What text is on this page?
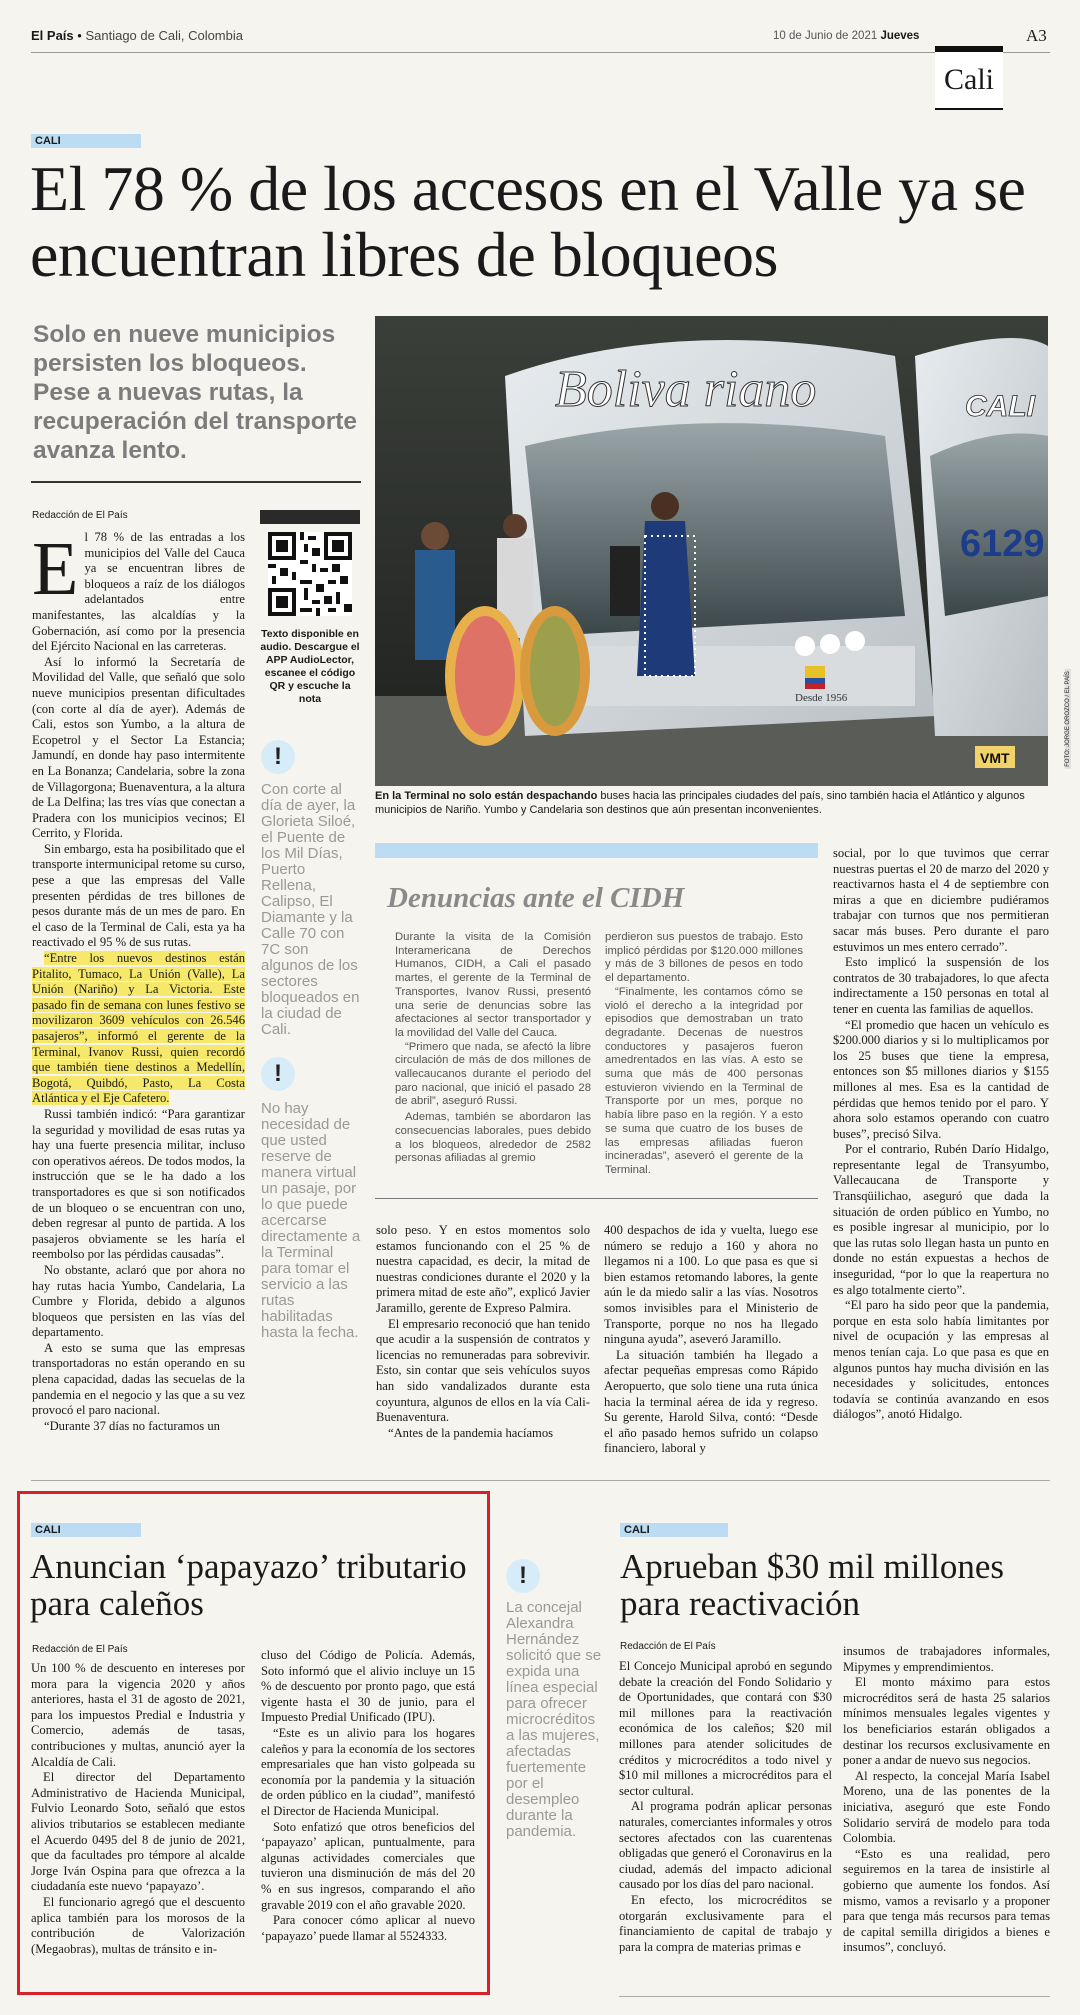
El País • Santiago de Cali, Colombia	10 de Junio de 2021 Jueves	A3
Cali
CALI
El 78 % de los accesos en el Valle ya se encuentran libres de bloqueos
Solo en nueve municipios persisten los bloqueos. Pese a nuevas rutas, la recuperación del transporte avanza lento.
Redacción de El País
E l 78 % de las entradas a los municipios del Valle del Cauca ya se encuentran libres de bloqueos a raíz de los diálogos adelantados entre manifestantes, las alcaldías y la Gobernación, así como por la presencia del Ejército Nacional en las carreteras.

Así lo informó la Secretaría de Movilidad del Valle, que señaló que solo nueve municipios presentan dificultades (con corte al día de ayer). Además de Cali, estos son Yumbo, a la altura de Ecopetrol y el Sector La Estancia; Jamundí, en donde hay paso intermitente en La Bonanza; Candelaria, sobre la zona de Villagorgona; Buenaventura, a la altura de La Delfina; las tres vías que conectan a Pradera con los municipios vecinos; El Cerrito, y Florida.

Sin embargo, esta ha posibilitado que el transporte intermunicipal retome su curso, pese a que las empresas del Valle presenten pérdidas de tres billones de pesos durante más de un mes de paro. En el caso de la Terminal de Cali, esta ya ha reactivado el 95 % de sus rutas.

“Entre los nuevos destinos están Pitalito, Tumaco, La Unión (Valle), La Unión (Nariño) y La Victoria. Este pasado fin de semana con lunes festivo se movilizaron 3609 vehículos con 26.546 pasajeros”, informó el gerente de la Terminal, Ivanov Russi, quien recordó que también tiene destinos a Medellín, Bogotá, Quibdó, Pasto, La Costa Atlántica y el Eje Cafetero.

Russi también indicó: “Para garantizar la seguridad y movilidad de esas rutas ya hay una fuerte presencia militar, incluso con operativos aéreos. De todos modos, la instrucción que se le ha dado a los transportadores es que si son notificados de un bloqueo o se encuentran con uno, deben regresar al punto de partida. A los pasajeros obviamente se les haría el reembolso por las pérdidas causadas”.

No obstante, aclaró que por ahora no hay rutas hacia Yumbo, Candelaria, La Cumbre y Florida, debido a algunos bloqueos que persisten en las vías del departamento.

A esto se suma que las empresas transportadoras no están operando en su plena capacidad, dadas las secuelas de la pandemia en el negocio y las que a su vez provocó el paro nacional.

“Durante 37 días no facturamos un

Texto disponible en audio. Descargue el APP AudioLector, escanee el código QR y escuche la nota
!
Con corte al día de ayer, la Glorieta Siloé, el Puente de los Mil Días, Puerto Rellena, Calipso, El Diamante y la Calle 70 con 7C son algunos de los sectores bloqueados en la ciudad de Cali.
!
No hay necesidad de que usted reserve de manera virtual un pasaje, por lo que puede acercarse directamente a la Terminal para tomar el servicio a las rutas habilitadas hasta la fecha.
Boliva riano
6129
CALI
Desde 1956
VMT	FOTO: JORGE OROZCO / EL PAÍS
En la Terminal no solo están despachando buses hacia las principales ciudades del país, sino también hacia el Atlántico y algunos municipios de Nariño. Yumbo y Candelaria son destinos que aún presentan inconvenientes.
Denuncias ante el CIDH
Durante la visita de la Comisión Interamericana de Derechos Humanos, CIDH, a Cali el pasado martes, el gerente de la Terminal de Transportes, Ivanov Russi, presentó una serie de denuncias sobre las afectaciones al sector transportador y la movilidad del Valle del Cauca.
“Primero que nada, se afectó la libre circulación de más de dos millones de vallecaucanos durante el periodo del paro nacional, que inició el pasado 28 de abril”, aseguró Russi.
Ademas, también se abordaron las consecuencias laborales, pues debido a los bloqueos, alrededor de 2582 personas afiliadas al gremio
perdieron sus puestos de trabajo. Esto implicó pérdidas por $120.000 millones y más de 3 billones de pesos en todo el departamento.
“Finalmente, les contamos cómo se violó el derecho a la integridad por episodios que demostraban un trato degradante. Decenas de nuestros conductores y pasajeros fueron amedrentados en las vías. A esto se suma que más de 400 personas estuvieron viviendo en la Terminal de Transporte por un mes, porque no había libre paso en la región. Y a esto se suma que cuatro de los buses de las empresas afiliadas fueron incineradas”, aseveró el gerente de la Terminal.

solo peso. Y en estos momentos solo estamos funcionando con el 25 % de nuestra capacidad, es decir, la mitad de nuestras condiciones durante el 2020 y la primera mitad de este año”, explicó Javier Jaramillo, gerente de Expreso Palmira.

El empresario reconoció que han tenido que acudir a la suspensión de contratos y licencias no remuneradas para sobrevivir. Esto, sin contar que seis vehículos suyos han sido vandalizados durante esta coyuntura, algunos de ellos en la vía Cali-Buenaventura.

“Antes de la pandemia hacíamos

400 despachos de ida y vuelta, luego ese número se redujo a 160 y ahora no llegamos ni a 100. Lo que pasa es que si bien estamos retomando labores, la gente aún le da miedo salir a las vías. Nosotros somos invisibles para el Ministerio de Transporte, porque no nos ha llegado ninguna ayuda”, aseveró Jaramillo.

La situación también ha llegado a afectar pequeñas empresas como Rápido Aeropuerto, que solo tiene una ruta única hacia la terminal aérea de ida y regreso. Su gerente, Harold Silva, contó: “Desde el año pasado hemos sufrido un colapso financiero, laboral y

social, por lo que tuvimos que cerrar nuestras puertas el 20 de marzo del 2020 y reactivarnos hasta el 4 de septiembre con miras a que en diciembre pudiéramos trabajar con turnos que nos permitieran sacar más buses. Pero durante el paro estuvimos un mes entero cerrado”.

Esto implicó la suspensión de los contratos de 30 trabajadores, lo que afecta indirectamente a 150 personas en total al tener en cuenta las familias de aquellos.

“El promedio que hacen un vehículo es $200.000 diarios y si lo multiplicamos por los 25 buses que tiene la empresa, entonces son $5 millones diarios y $155 millones al mes. Esa es la cantidad de pérdidas que hemos tenido por el paro. Y ahora solo estamos operando con cuatro buses”, precisó Silva.

Por el contrario, Rubén Darío Hidalgo, representante legal de Transyumbo, Vallecaucana de Transporte y Transqüilichao, aseguró que dada la situación de orden público en Yumbo, no es posible ingresar al municipio, por lo que las rutas solo llegan hasta un punto en donde no están expuestas a hechos de inseguridad, “por lo que la reapertura no es algo totalmente cierto”.

“El paro ha sido peor que la pandemia, porque en esta solo había limitantes por nivel de ocupación y las empresas al menos tenían caja. Lo que pasa es que en algunos puntos hay mucha división en las necesidades y solicitudes, entonces todavía se continúa avanzando en esos diálogos”, anotó Hidalgo.

CALI
Anuncian ‘papayazo’ tributario para caleños
Redacción de El País

Un 100 % de descuento en intereses por mora para la vigencia 2020 y años anteriores, hasta el 31 de agosto de 2021, para los impuestos Predial e Industria y Comercio, además de tasas, contribuciones y multas, anunció ayer la Alcaldía de Cali.

El director del Departamento Administrativo de Hacienda Municipal, Fulvio Leonardo Soto, señaló que estos alivios tributarios se establecen mediante el Acuerdo 0495 del 8 de junio de 2021, que da facultades pro témpore al alcalde Jorge Iván Ospina para que ofrezca a la ciudadanía este nuevo ‘papayazo’.

El funcionario agregó que el descuento aplica también para los morosos de la contribución de Valorización (Megaobras), multas de tránsito e in-

cluso del Código de Policía. Además, Soto informó que el alivio incluye un 15 % de descuento por pronto pago, que está vigente hasta el 30 de junio, para el Impuesto Predial Unificado (IPU).

“Este es un alivio para los hogares caleños y para la economía de los sectores empresariales que han visto golpeada su economía por la pandemia y la situación de orden público en la ciudad”, manifestó el Director de Hacienda Municipal.

Soto enfatizó que otros beneficios del ‘papayazo’ aplican, puntualmente, para algunas actividades comerciales que tuvieron una disminución de más del 20 % en sus ingresos, comparando el año gravable 2019 con el año gravable 2020.

Para conocer cómo aplicar al nuevo ‘papayazo’ puede llamar al 5524333.

!
La concejal Alexandra Hernández solicitó que se expida una línea especial para ofrecer microcréditos a las mujeres, afectadas fuertemente por el desempleo durante la pandemia.
CALI
Aprueban $30 mil millones para reactivación
Redacción de El País

El Concejo Municipal aprobó en segundo debate la creación del Fondo Solidario y de Oportunidades, que contará con $30 mil millones para la reactivación económica de los caleños; $20 mil millones para atender solicitudes de créditos y microcréditos a todo nivel y $10 mil millones a microcréditos para el sector cultural.

Al programa podrán aplicar personas naturales, comerciantes informales y otros sectores afectados con las cuarentenas obligadas que generó el Coronavirus en la ciudad, además del impacto adicional causado por los días del paro nacional.

En efecto, los microcréditos se otorgarán exclusivamente para el financiamiento de capital de trabajo y para la compra de materias primas e

insumos de trabajadores informales, Mipymes y emprendimientos.

El monto máximo para estos microcréditos será de hasta 25 salarios mínimos mensuales legales vigentes y los beneficiarios estarán obligados a destinar los recursos exclusivamente en poner a andar de nuevo sus negocios.

Al respecto, la concejal María Isabel Moreno, una de las ponentes de la iniciativa, aseguró que este Fondo Solidario servirá de modelo para toda Colombia.

“Esto es una realidad, pero seguiremos en la tarea de insistirle al gobierno que aumente los fondos. Así mismo, vamos a revisarlo y a proponer para que tenga más recursos para temas de capital semilla dirigidos a bienes e insumos”, concluyó.
